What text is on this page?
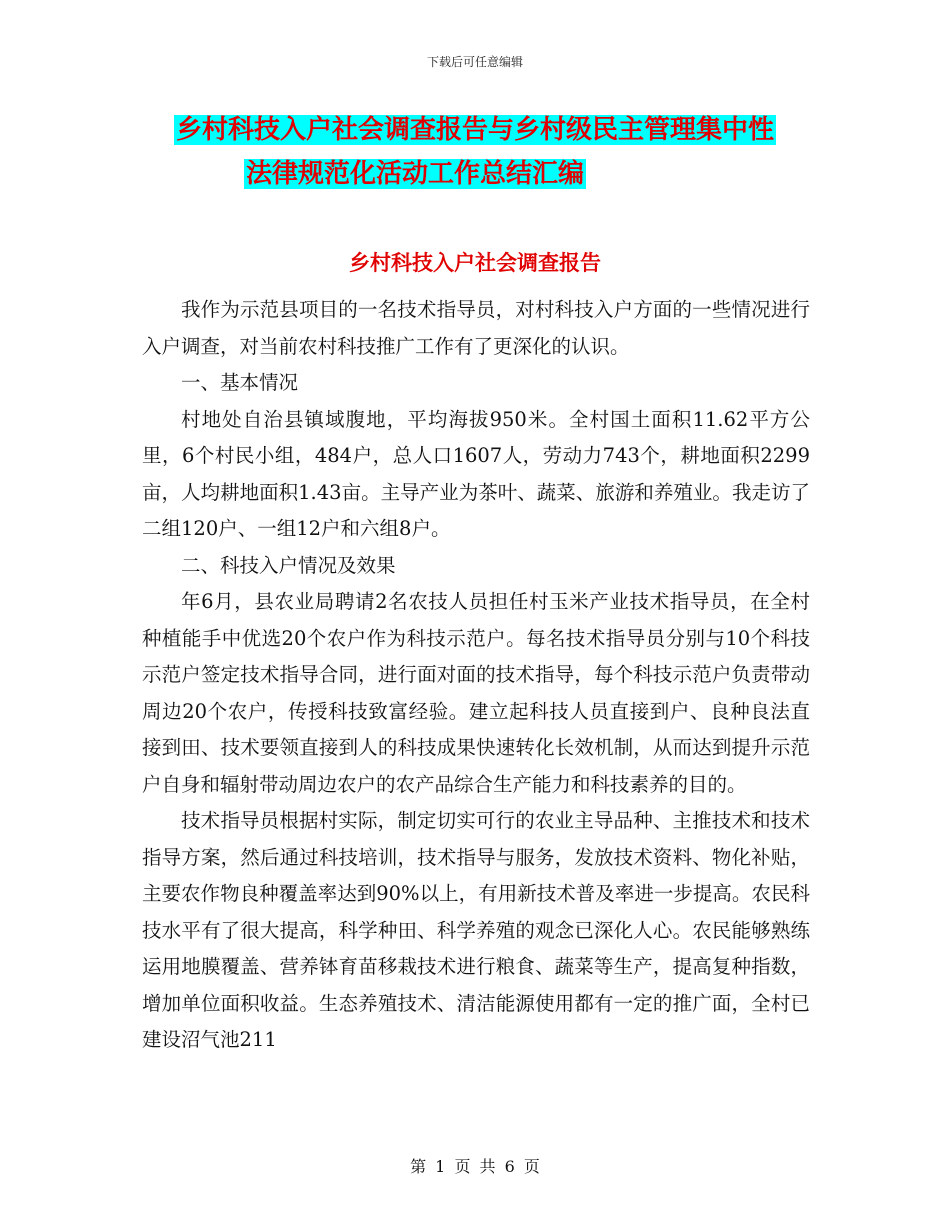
下载后可任意编辑
乡村科技入户社会调查报告与乡村级民主管理集中性
法律规范化活动工作总结汇编
乡村科技入户社会调查报告

我作为示范县项目的一名技术指导员，对村科技入户方面的一些情况进行入户调查，对当前农村科技推广工作有了更深化的认识。

一、基本情况

村地处自治县镇域腹地，平均海拔950米。全村国土面积11.62平方公里，6个村民小组，484户，总人口1607人，劳动力743个，耕地面积2299亩，人均耕地面积1.43亩。主导产业为茶叶、蔬菜、旅游和养殖业。我走访了二组120户、一组12户和六组8户。

二、科技入户情况及效果

年6月，县农业局聘请2名农技人员担任村玉米产业技术指导员，在全村种植能手中优选20个农户作为科技示范户。每名技术指导员分别与10个科技示范户签定技术指导合同，进行面对面的技术指导，每个科技示范户负责带动周边20个农户，传授科技致富经验。建立起科技人员直接到户、良种良法直接到田、技术要领直接到人的科技成果快速转化长效机制，从而达到提升示范户自身和辐射带动周边农户的农产品综合生产能力和科技素养的目的。

技术指导员根据村实际，制定切实可行的农业主导品种、主推技术和技术指导方案，然后通过科技培训，技术指导与服务，发放技术资料、物化补贴，主要农作物良种覆盖率达到90%以上，有用新技术普及率进一步提高。农民科技水平有了很大提高，科学种田、科学养殖的观念已深化人心。农民能够熟练运用地膜覆盖、营养钵育苗移栽技术进行粮食、蔬菜等生产，提高复种指数，增加单位面积收益。生态养殖技术、清洁能源使用都有一定的推广面，全村已建设沼气池211

第 1 页 共 6 页
